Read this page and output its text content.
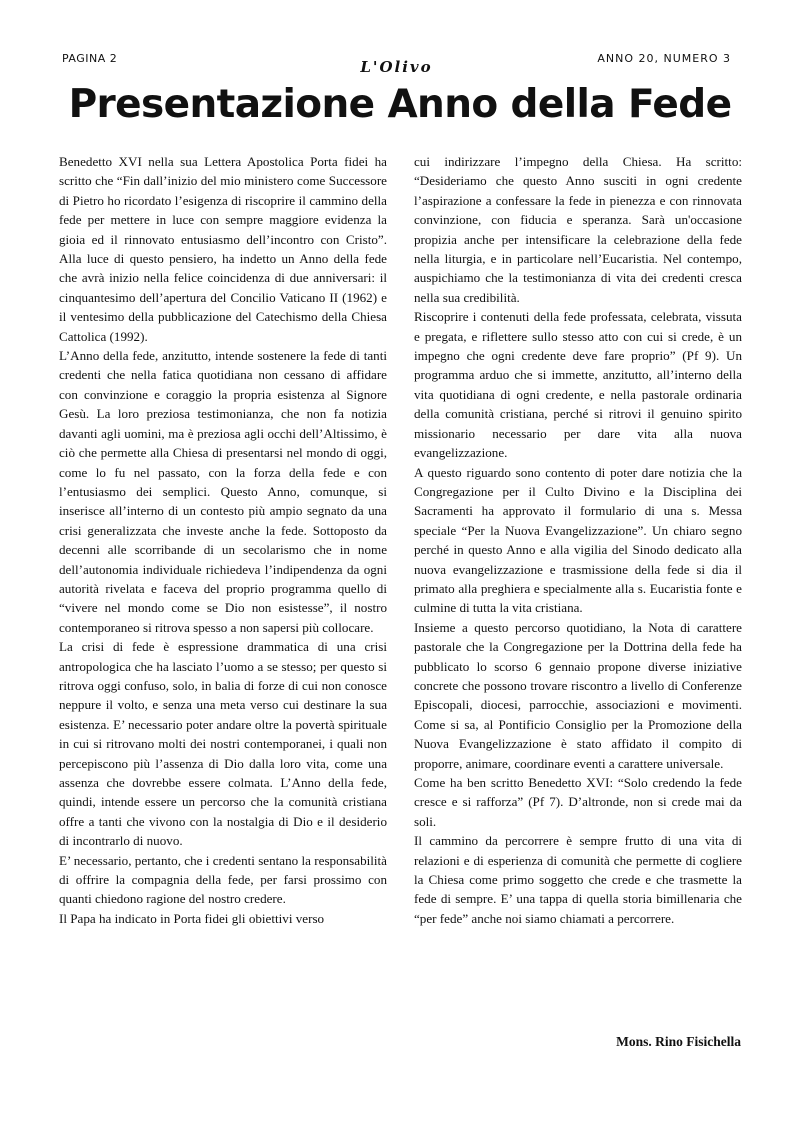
PAGINA 2	L'Olivo	ANNO 20, NUMERO 3
Presentazione Anno della Fede

Benedetto XVI nella sua Lettera Apostolica Porta fidei ha scritto che “Fin dall’inizio del mio ministero come Successore di Pietro ho ricordato l’esigenza di riscoprire il cammino della fede per mettere in luce con sempre maggiore evidenza la gioia ed il rinnovato entusiasmo dell’incontro con Cristo”. Alla luce di questo pensiero, ha indetto un Anno della fede che avrà inizio nella felice coincidenza di due anniversari: il cinquantesimo dell’apertura del Concilio Vaticano II (1962) e il ventesimo della pubblicazione del Catechismo della Chiesa Cattolica (1992).

L’Anno della fede, anzitutto, intende sostenere la fede di tanti credenti che nella fatica quotidiana non cessano di affidare con convinzione e coraggio la propria esistenza al Signore Gesù. La loro preziosa testimonianza, che non fa notizia davanti agli uomini, ma è preziosa agli occhi dell’Altissimo, è ciò che permette alla Chiesa di presentarsi nel mondo di oggi, come lo fu nel passato, con la forza della fede e con l’entusiasmo dei semplici. Questo Anno, comunque, si inserisce all’interno di un contesto più ampio segnato da una crisi generalizzata che investe anche la fede. Sottoposto da decenni alle scorribande di un secolarismo che in nome dell’autonomia individuale richiedeva l’indipendenza da ogni autorità rivelata e faceva del proprio programma quello di “vivere nel mondo come se Dio non esistesse”, il nostro contemporaneo si ritrova spesso a non sapersi più collocare.

La crisi di fede è espressione drammatica di una crisi antropologica che ha lasciato l’uomo a se stesso; per questo si ritrova oggi confuso, solo, in balia di forze di cui non conosce neppure il volto, e senza una meta verso cui destinare la sua esistenza. E’ necessario poter andare oltre la povertà spirituale in cui si ritrovano molti dei nostri contemporanei, i quali non percepiscono più l’assenza di Dio dalla loro vita, come una assenza che dovrebbe essere colmata. L’Anno della fede, quindi, intende essere un percorso che la comunità cristiana offre a tanti che vivono con la nostalgia di Dio e il desiderio di incontrarlo di nuovo.

E’ necessario, pertanto, che i credenti sentano la responsabilità di offrire la compagnia della fede, per farsi prossimo con quanti chiedono ragione del nostro credere.

Il Papa ha indicato in Porta fidei gli obiettivi verso

cui indirizzare l’impegno della Chiesa. Ha scritto: “Desideriamo che questo Anno susciti in ogni credente l’aspirazione a confessare la fede in pienezza e con rinnovata convinzione, con fiducia e speranza. Sarà un'occasione propizia anche per intensificare la celebrazione della fede nella liturgia, e in particolare nell’Eucaristia. Nel contempo, auspichiamo che la testimonianza di vita dei credenti cresca nella sua credibilità.

Riscoprire i contenuti della fede professata, celebrata, vissuta e pregata, e riflettere sullo stesso atto con cui si crede, è un impegno che ogni credente deve fare proprio” (Pf 9). Un programma arduo che si immette, anzitutto, all’interno della vita quotidiana di ogni credente, e nella pastorale ordinaria della comunità cristiana, perché si ritrovi il genuino spirito missionario necessario per dare vita alla nuova evangelizzazione.

A questo riguardo sono contento di poter dare notizia che la Congregazione per il Culto Divino e la Disciplina dei Sacramenti ha approvato il formulario di una s. Messa speciale “Per la Nuova Evangelizzazione”. Un chiaro segno perché in questo Anno e alla vigilia del Sinodo dedicato alla nuova evangelizzazione e trasmissione della fede si dia il primato alla preghiera e specialmente alla s. Eucaristia fonte e culmine di tutta la vita cristiana.

Insieme a questo percorso quotidiano, la Nota di carattere pastorale che la Congregazione per la Dottrina della fede ha pubblicato lo scorso 6 gennaio propone diverse iniziative concrete che possono trovare riscontro a livello di Conferenze Episcopali, diocesi, parrocchie, associazioni e movimenti. Come si sa, al Pontificio Consiglio per la Promozione della Nuova Evangelizzazione è stato affidato il compito di proporre, animare, coordinare eventi a carattere universale.

Come ha ben scritto Benedetto XVI: “Solo credendo la fede cresce e si rafforza” (Pf 7). D’altronde, non si crede mai da soli.

Il cammino da percorrere è sempre frutto di una vita di relazioni e di esperienza di comunità che permette di cogliere la Chiesa come primo soggetto che crede e che trasmette la fede di sempre. E’ una tappa di quella storia bimillenaria che “per fede” anche noi siamo chiamati a percorrere.

Mons. Rino Fisichella
